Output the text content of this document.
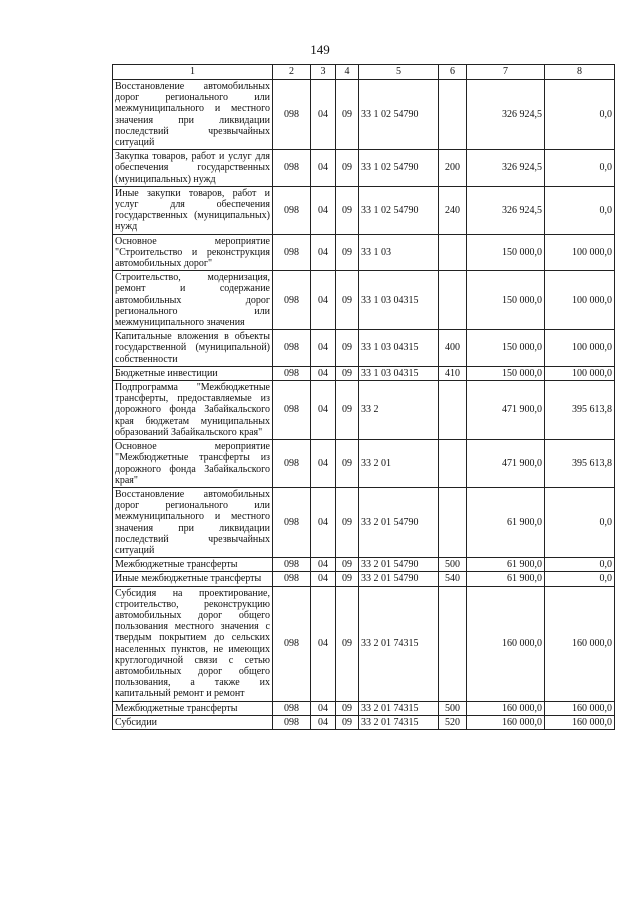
149
1	2	3	4	5	6	7	8
Восстановление автомобильных дорог регионального или межмуниципального и местного значения при ликвидации последствий чрезвычайных ситуаций	098	04	09	33 1 02 54790		326 924,5	0,0
Закупка товаров, работ и услуг для обеспечения государственных (муниципальных) нужд	098	04	09	33 1 02 54790	200	326 924,5	0,0
Иные закупки товаров, работ и услуг для обеспечения государственных (муниципальных) нужд	098	04	09	33 1 02 54790	240	326 924,5	0,0
Основное мероприятие "Строительство и реконструкция автомобильных дорог"	098	04	09	33 1 03		150 000,0	100 000,0
Строительство, модернизация, ремонт и содержание автомобильных дорог регионального или межмуниципального значения	098	04	09	33 1 03 04315		150 000,0	100 000,0
Капитальные вложения в объекты государственной (муниципальной) собственности	098	04	09	33 1 03 04315	400	150 000,0	100 000,0
Бюджетные инвестиции	098	04	09	33 1 03 04315	410	150 000,0	100 000,0
Подпрограмма "Межбюджетные трансферты, предоставляемые из дорожного фонда Забайкальского края бюджетам муниципальных образований Забайкальского края"	098	04	09	33 2		471 900,0	395 613,8
Основное мероприятие "Межбюджетные трансферты из дорожного фонда Забайкальского края"	098	04	09	33 2 01		471 900,0	395 613,8
Восстановление автомобильных дорог регионального или межмуниципального и местного значения при ликвидации последствий чрезвычайных ситуаций	098	04	09	33 2 01 54790		61 900,0	0,0
Межбюджетные трансферты	098	04	09	33 2 01 54790	500	61 900,0	0,0
Иные межбюджетные трансферты	098	04	09	33 2 01 54790	540	61 900,0	0,0
Субсидия на проектирование, строительство, реконструкцию автомобильных дорог общего пользования местного значения с твердым покрытием до сельских населенных пунктов, не имеющих круглогодичной связи с сетью автомобильных дорог общего пользования, а также их капитальный ремонт и ремонт	098	04	09	33 2 01 74315		160 000,0	160 000,0
Межбюджетные трансферты	098	04	09	33 2 01 74315	500	160 000,0	160 000,0
Субсидии	098	04	09	33 2 01 74315	520	160 000,0	160 000,0
